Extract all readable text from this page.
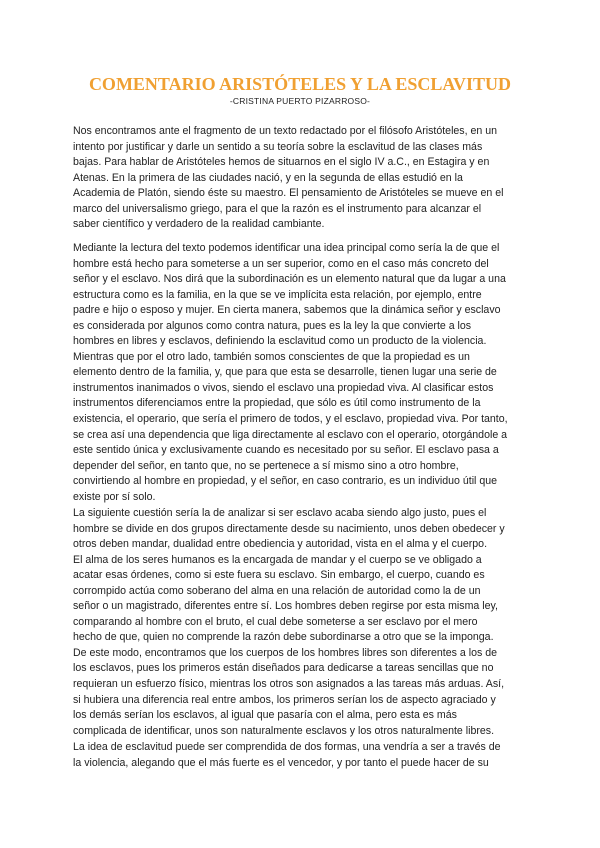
COMENTARIO ARISTÓTELES Y LA ESCLAVITUD
-CRISTINA PUERTO PIZARROSO-
Nos encontramos ante el fragmento de un texto redactado por el filósofo Aristóteles, en un
intento por justificar y darle un sentido a su teoría sobre la esclavitud de las clases más
bajas. Para hablar de Aristóteles hemos de situarnos en el siglo IV a.C., en Estagira y en
Atenas. En la primera de las ciudades nació, y en la segunda de ellas estudió en la
Academia de Platón, siendo éste su maestro. El pensamiento de Aristóteles se mueve en el
marco del universalismo griego, para el que la razón es el instrumento para alcanzar el
saber científico y verdadero de la realidad cambiante.
Mediante la lectura del texto podemos identificar una idea principal como sería la de que el
hombre está hecho para someterse a un ser superior, como en el caso más concreto del
señor y el esclavo. Nos dirá que la subordinación es un elemento natural que da lugar a una
estructura como es la familia, en la que se ve implícita esta relación, por ejemplo, entre
padre e hijo o esposo y mujer. En cierta manera, sabemos que la dinámica señor y esclavo
es considerada por algunos como contra natura, pues es la ley la que convierte a los
hombres en libres y esclavos, definiendo la esclavitud como un producto de la violencia.
Mientras que por el otro lado, también somos conscientes de que la propiedad es un
elemento dentro de la familia, y, que para que esta se desarrolle, tienen lugar una serie de
instrumentos inanimados o vivos, siendo el esclavo una propiedad viva. Al clasificar estos
instrumentos diferenciamos entre la propiedad, que sólo es útil como instrumento de la
existencia, el operario, que sería el primero de todos, y el esclavo, propiedad viva. Por tanto,
se crea así una dependencia que liga directamente al esclavo con el operario, otorgándole a
este sentido única y exclusivamente cuando es necesitado por su señor. El esclavo pasa a
depender del señor, en tanto que, no se pertenece a sí mismo sino a otro hombre,
convirtiendo al hombre en propiedad, y el señor, en caso contrario, es un individuo útil que
existe por sí solo.
La siguiente cuestión sería la de analizar si ser esclavo acaba siendo algo justo, pues el
hombre se divide en dos grupos directamente desde su nacimiento, unos deben obedecer y
otros deben mandar, dualidad entre obediencia y autoridad, vista en el alma y el cuerpo.
El alma de los seres humanos es la encargada de mandar y el cuerpo se ve obligado a
acatar esas órdenes, como si este fuera su esclavo. Sin embargo, el cuerpo, cuando es
corrompido actúa como soberano del alma en una relación de autoridad como la de un
señor o un magistrado, diferentes entre sí. Los hombres deben regirse por esta misma ley,
comparando al hombre con el bruto, el cual debe someterse a ser esclavo por el mero
hecho de que, quien no comprende la razón debe subordinarse a otro que se la imponga.
De este modo, encontramos que los cuerpos de los hombres libres son diferentes a los de
los esclavos, pues los primeros están diseñados para dedicarse a tareas sencillas que no
requieran un esfuerzo físico, mientras los otros son asignados a las tareas más arduas. Así,
si hubiera una diferencia real entre ambos, los primeros serían los de aspecto agraciado y
los demás serían los esclavos, al igual que pasaría con el alma, pero esta es más
complicada de identificar, unos son naturalmente esclavos y los otros naturalmente libres.
La idea de esclavitud puede ser comprendida de dos formas, una vendría a ser a través de
la violencia, alegando que el más fuerte es el vencedor, y por tanto el puede hacer de su
